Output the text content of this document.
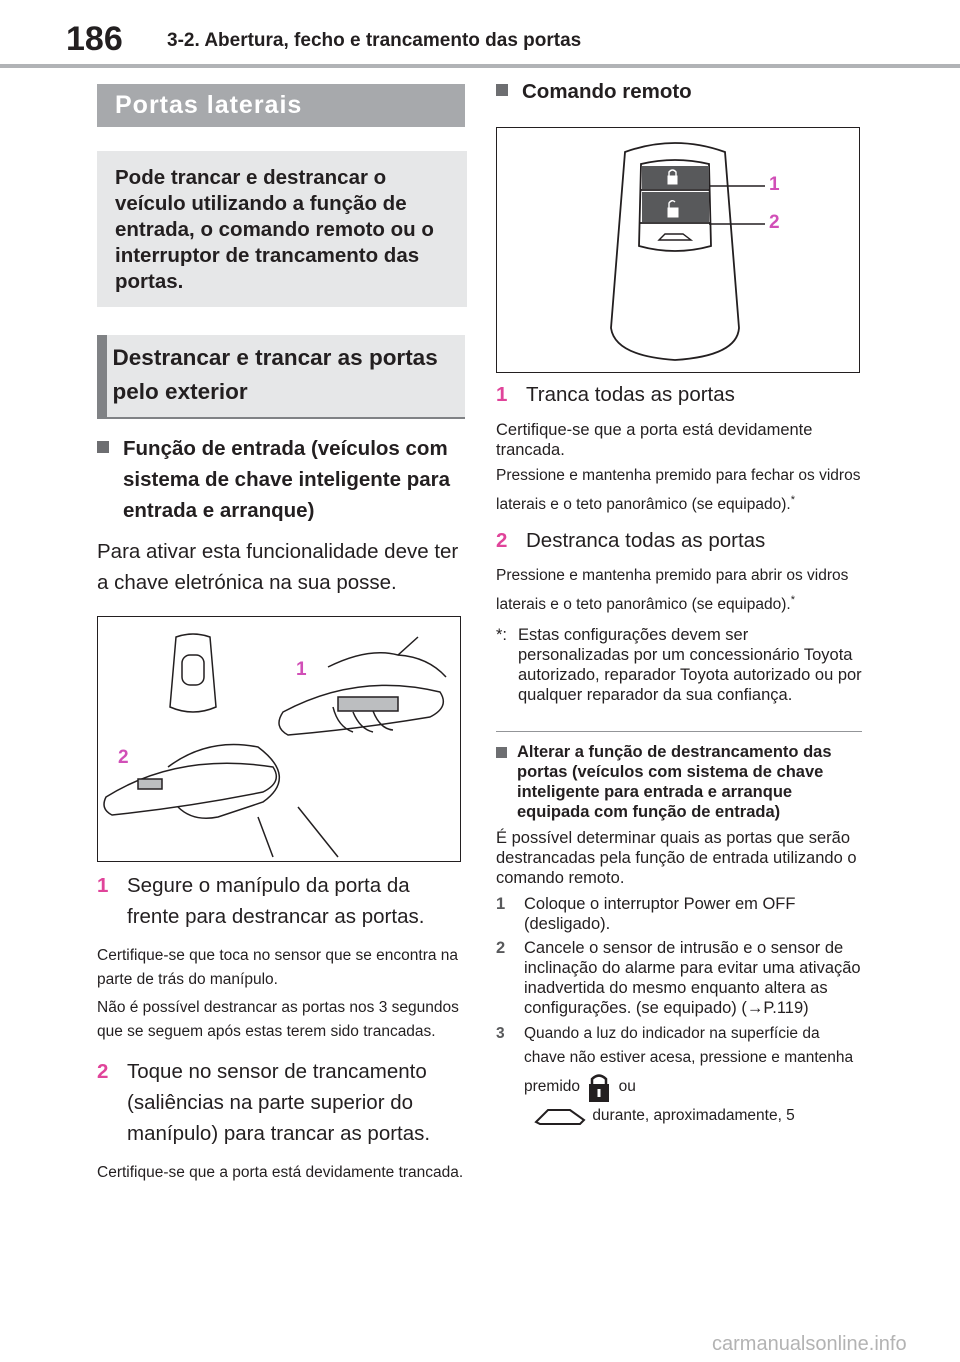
186 3-2. Abertura, fecho e trancamento das portas
Portas laterais
Pode trancar e destrancar o veículo utilizando a função de entrada, o comando remoto ou o interruptor de trancamento das portas.
Destrancar e trancar as portas pelo exterior
Função de entrada (veículos com sistema de chave inteligente para entrada e arranque)
Para ativar esta funcionalidade deve ter a chave eletrónica na sua posse.
1
2
1 Segure o manípulo da porta da frente para destrancar as portas.
Certifique-se que toca no sensor que se encontra na parte de trás do manípulo.
Não é possível destrancar as portas nos 3 segundos que se seguem após estas terem sido trancadas.
2 Toque no sensor de trancamento (saliências na parte superior do manípulo) para trancar as portas.
Certifique-se que a porta está devidamente trancada.
Comando remoto
1
2
1 Tranca todas as portas
Certifique-se que a porta está devidamente trancada.
Pressione e mantenha premido para fechar os vidros laterais e o teto panorâmico (se equipado).*
2 Destranca todas as portas
Pressione e mantenha premido para abrir os vidros laterais e o teto panorâmico (se equipado).*
*: Estas configurações devem ser personalizadas por um concessionário Toyota autorizado, reparador Toyota autorizado ou por qualquer reparador da sua confiança.
Alterar a função de destrancamento das portas (veículos com sistema de chave inteligente para entrada e arranque equipada com função de entrada)
É possível determinar quais as portas que serão destrancadas pela função de entrada utilizando o comando remoto.
1	Coloque o interruptor Power em OFF (desligado).
2	Cancele o sensor de intrusão e o sensor de inclinação do alarme para evitar uma ativação inadvertida do mesmo enquanto altera as configurações. (se equipado) (→P.119)
3	Quando a luz do indicador na superfície da chave não estiver acesa, pressione e mantenha premido ou
durante, aproximadamente, 5
carmanualsonline.info
